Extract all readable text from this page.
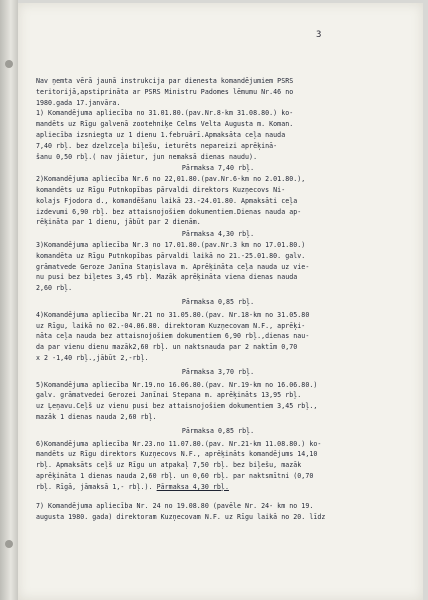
3
Nav ņemta vērā jaunā instrukcija par dienesta komandējumiem PSRS
teritorijā,apstiprināta ar PSRS Ministru Padomes lēmumu Nr.46 no
1980.gada 17.janvāra.
1) Komandējuma apliecība no 31.01.80.(pav.Nr.8-km 31.08.80.) ko-
mandēts uz Rīgu galvenā zootehniķe Celms Velta Augusta m. Koman.
apliecība izsniegta uz 1 dienu 1.februārī.Apmaksāta ceļa nauda
7,40 rbļ. bez dzelzceļa biļešu, ieturēts nepareizi aprēķinā-
šanu 0,50 rbļ.( nav jāietur, jun nemaksā dienas naudu).
Pārmaksa 7,40 rbļ.
2)Komandējuma apliecība Nr.6 no 22,01.80.(pav.Nr.6-km no 2.01.80.),
komandēts uz Rīgu Putnkopības pārvaldi direktors Kuzņecovs Ni-
kolajs Fjodora d., komandēšanu laikā 23.-24.01.80. Apmaksāti ceļa
izdevumi 6,90 rbļ. bez attaisnojošiem dokumentiem.Dienas nauda ap-
rēķināta par 1 dienu, jābūt par 2 dienām.
Pārmaksa 4,30 rbļ.
3)Komandējuma apliecība Nr.3 no 17.01.80.(pav.Nr.3 km no 17.01.80.)
komandēta uz Rīgu Putnkopības pārvaldi laikā no 21.-25.01.80. galv.
grāmatvede Geroze Janīna Staņislava m. Aprēķināta ceļa nauda uz vie-
nu pusi bez biļetes 3,45 rbļ. Mazāk aprēķināta viena dienas nauda
2,60 rbļ.
Pārmaksa 0,85 rbļ.
4)Komandējuma apliecība Nr.21 no 31.05.80.(pav. Nr.18-km no 31.05.80
uz Rīgu, laikā no 02.-04.06.80. direktoram Kuzņecovam N.F., aprēķi-
nāta ceļa nauda bez attaisnojošiem dokumentiem 6,90 rbļ.,dienas nau-
da par vienu dienu mazāk2,60 rbļ. un naktsnauda par 2 naktīm 0,70
x 2 -1,40 rbļ.,jābūt 2,-rbļ.
Pārmaksa 3,70 rbļ.
5)Komandējuma apliecība Nr.19.no 16.06.80.(pav. Nr.19-km no 16.06.80.)
galv. grāmatvedei Gerozei Janīnai Stepana m. aprēķināts 13,95 rbļ.
uz Ļeņavu.Ceļš uz vienu pusi bez attaisnojošiem dokumentiem 3,45 rbļ.,
mazāk 1 dienas nauda 2,60 rbļ.
Pārmaksa 0,85 rbļ.
6)Komandējuma apliecība Nr.23.no 11.07.80.(pav. Nr.21-km 11.08.80.) ko-
mandēts uz Rīgu direktors Kuzņecovs N.F., aprēķināts komandējums 14,10
rbļ. Apmaksāts ceļš uz Rīgu un atpakaļ 7,50 rbļ. bez biļešu, mazāk
aprēķināta 1 dienas nauda 2,60 rbļ. un 0,60 rbļ. par naktsmītni (0,70
rbļ. Rīgā, jāmaksā 1,- rbļ.). Pārmaksa 4,30 rbļ.
7) Komandējuma apliecība Nr. 24 no 19.08.80 (pavēle Nr. 24- km no 19.
augusta 1980. gada) direktoram Kuzņecovam N.F. uz Rīgu laikā no 20. līdz
